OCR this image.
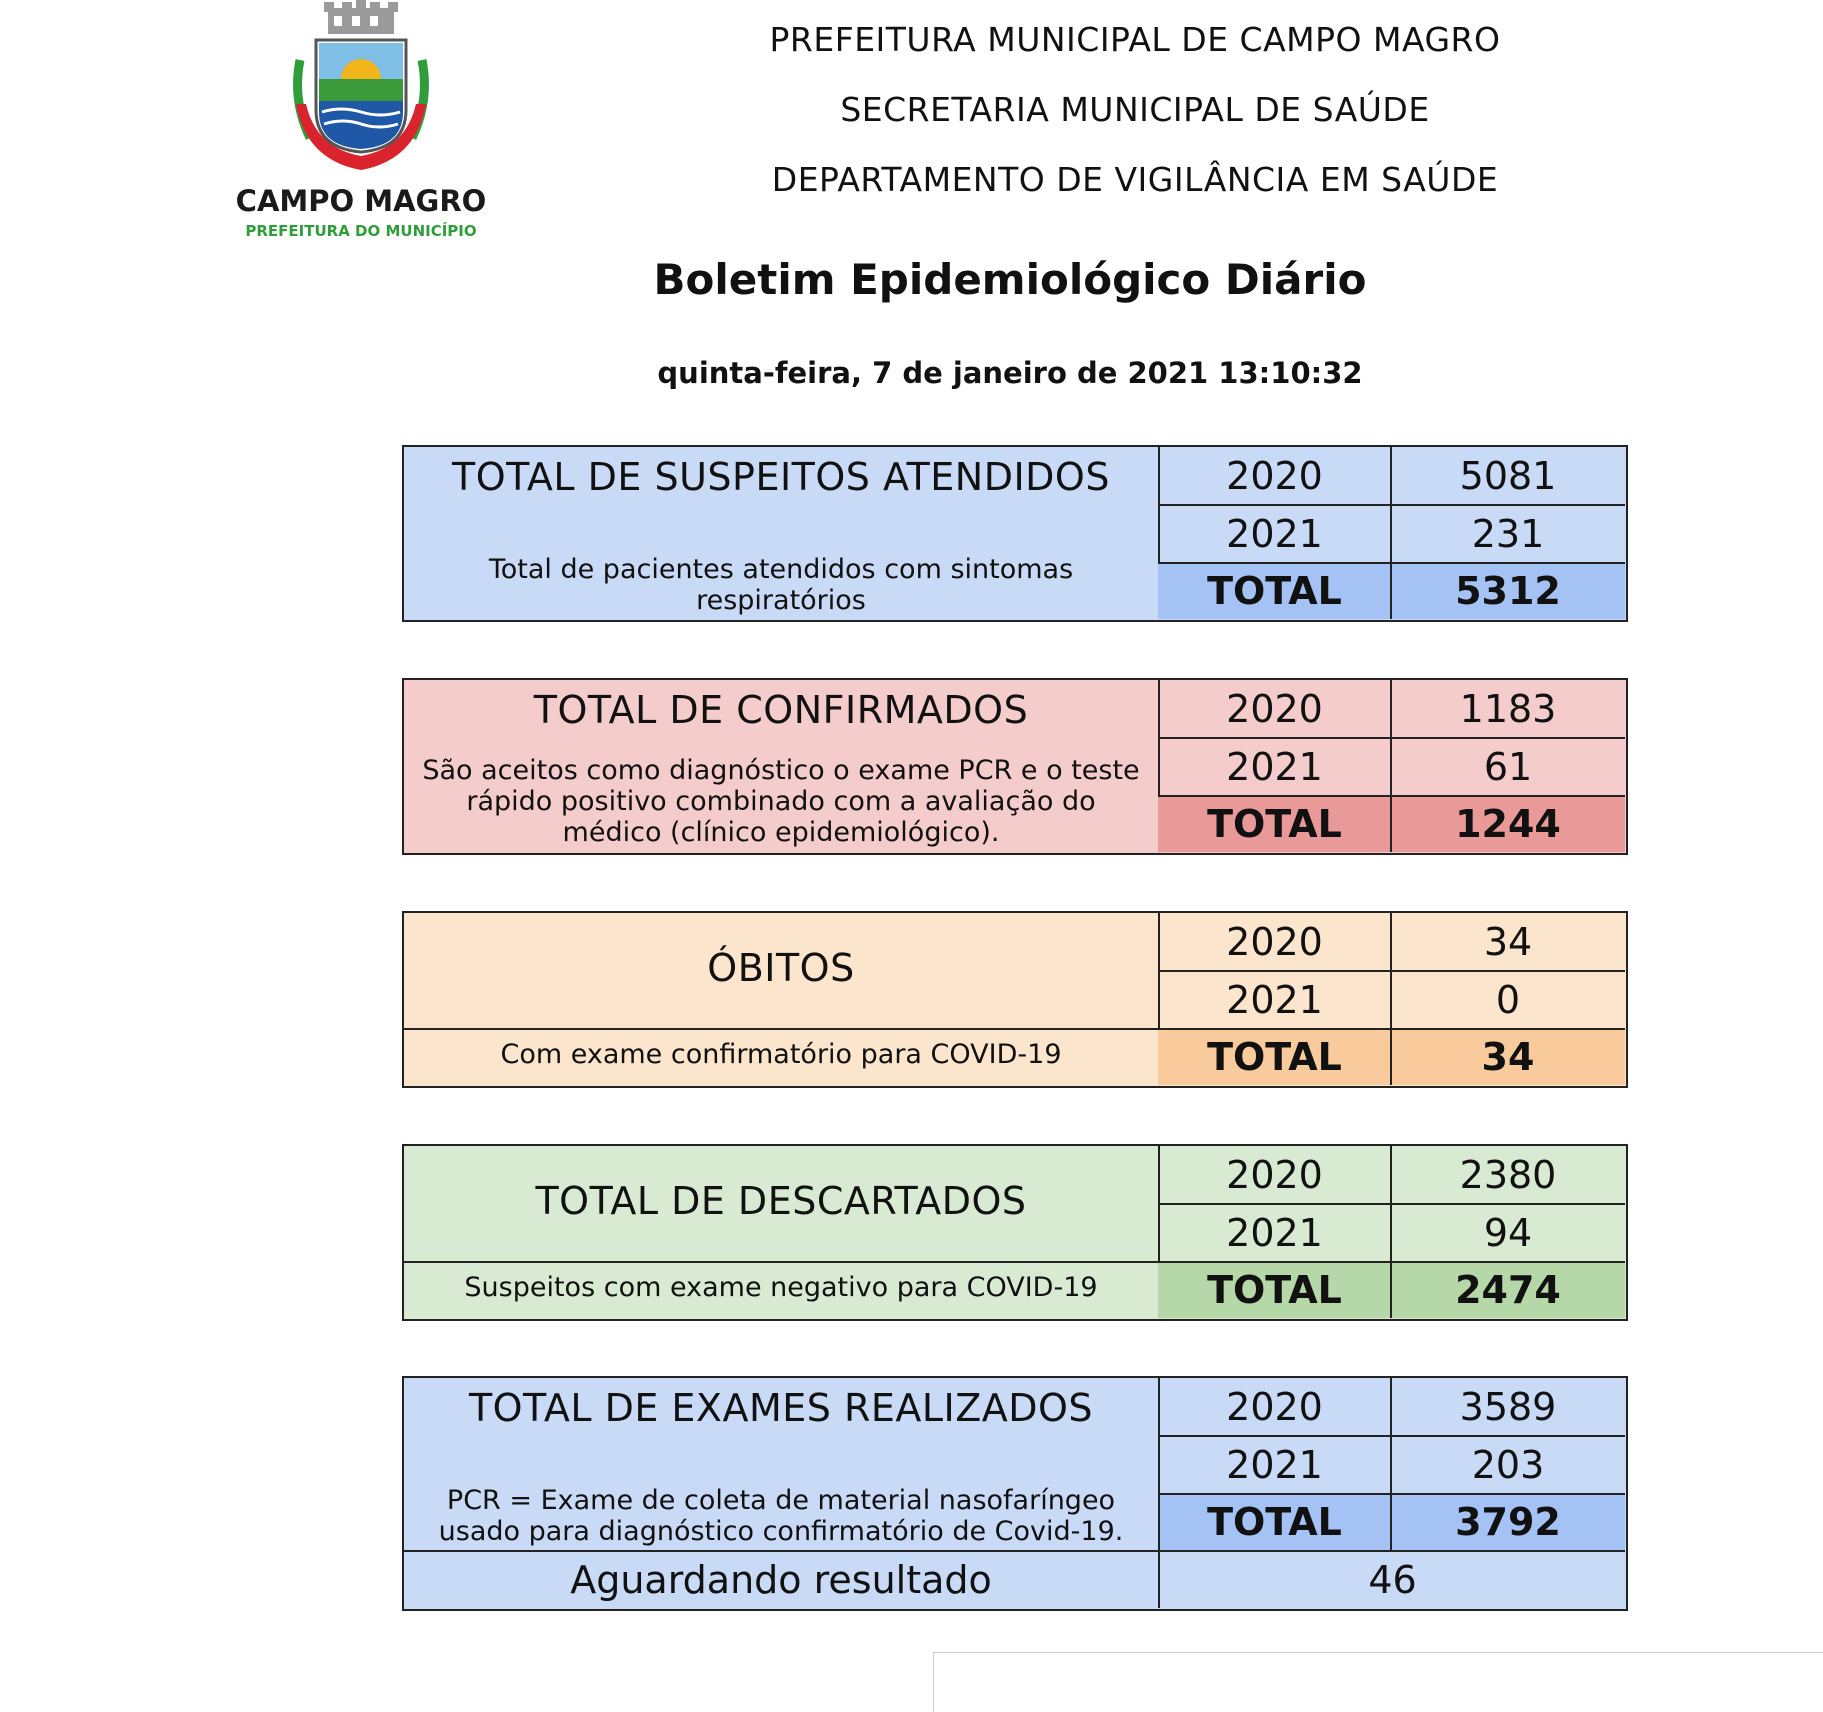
CAMPO MAGRO
PREFEITURA DO MUNICÍPIO
PREFEITURA MUNICIPAL DE CAMPO MAGRO
SECRETARIA MUNICIPAL DE SAÚDE
DEPARTAMENTO DE VIGILÂNCIA EM SAÚDE
Boletim Epidemiológico Diário
quinta-feira, 7 de janeiro de 2021 13:10:32
TOTAL DE SUSPEITOS ATENDIDOS
Total de pacientes atendidos com sintomas respiratórios
2020	5081
2021	231
TOTAL	5312
TOTAL DE CONFIRMADOS
São aceitos como diagnóstico o exame PCR e o teste rápido positivo combinado com a avaliação do médico (clínico epidemiológico).
2020	1183
2021	61
TOTAL	1244
ÓBITOS
Com exame confirmatório para COVID-19
2020	34
2021	0
TOTAL	34
TOTAL DE DESCARTADOS
Suspeitos com exame negativo para COVID-19
2020	2380
2021	94
TOTAL	2474
TOTAL DE EXAMES REALIZADOS
PCR = Exame de coleta de material nasofaríngeo usado para diagnóstico confirmatório de Covid-19.
2020	3589
2021	203
TOTAL	3792
Aguardando resultado	46
